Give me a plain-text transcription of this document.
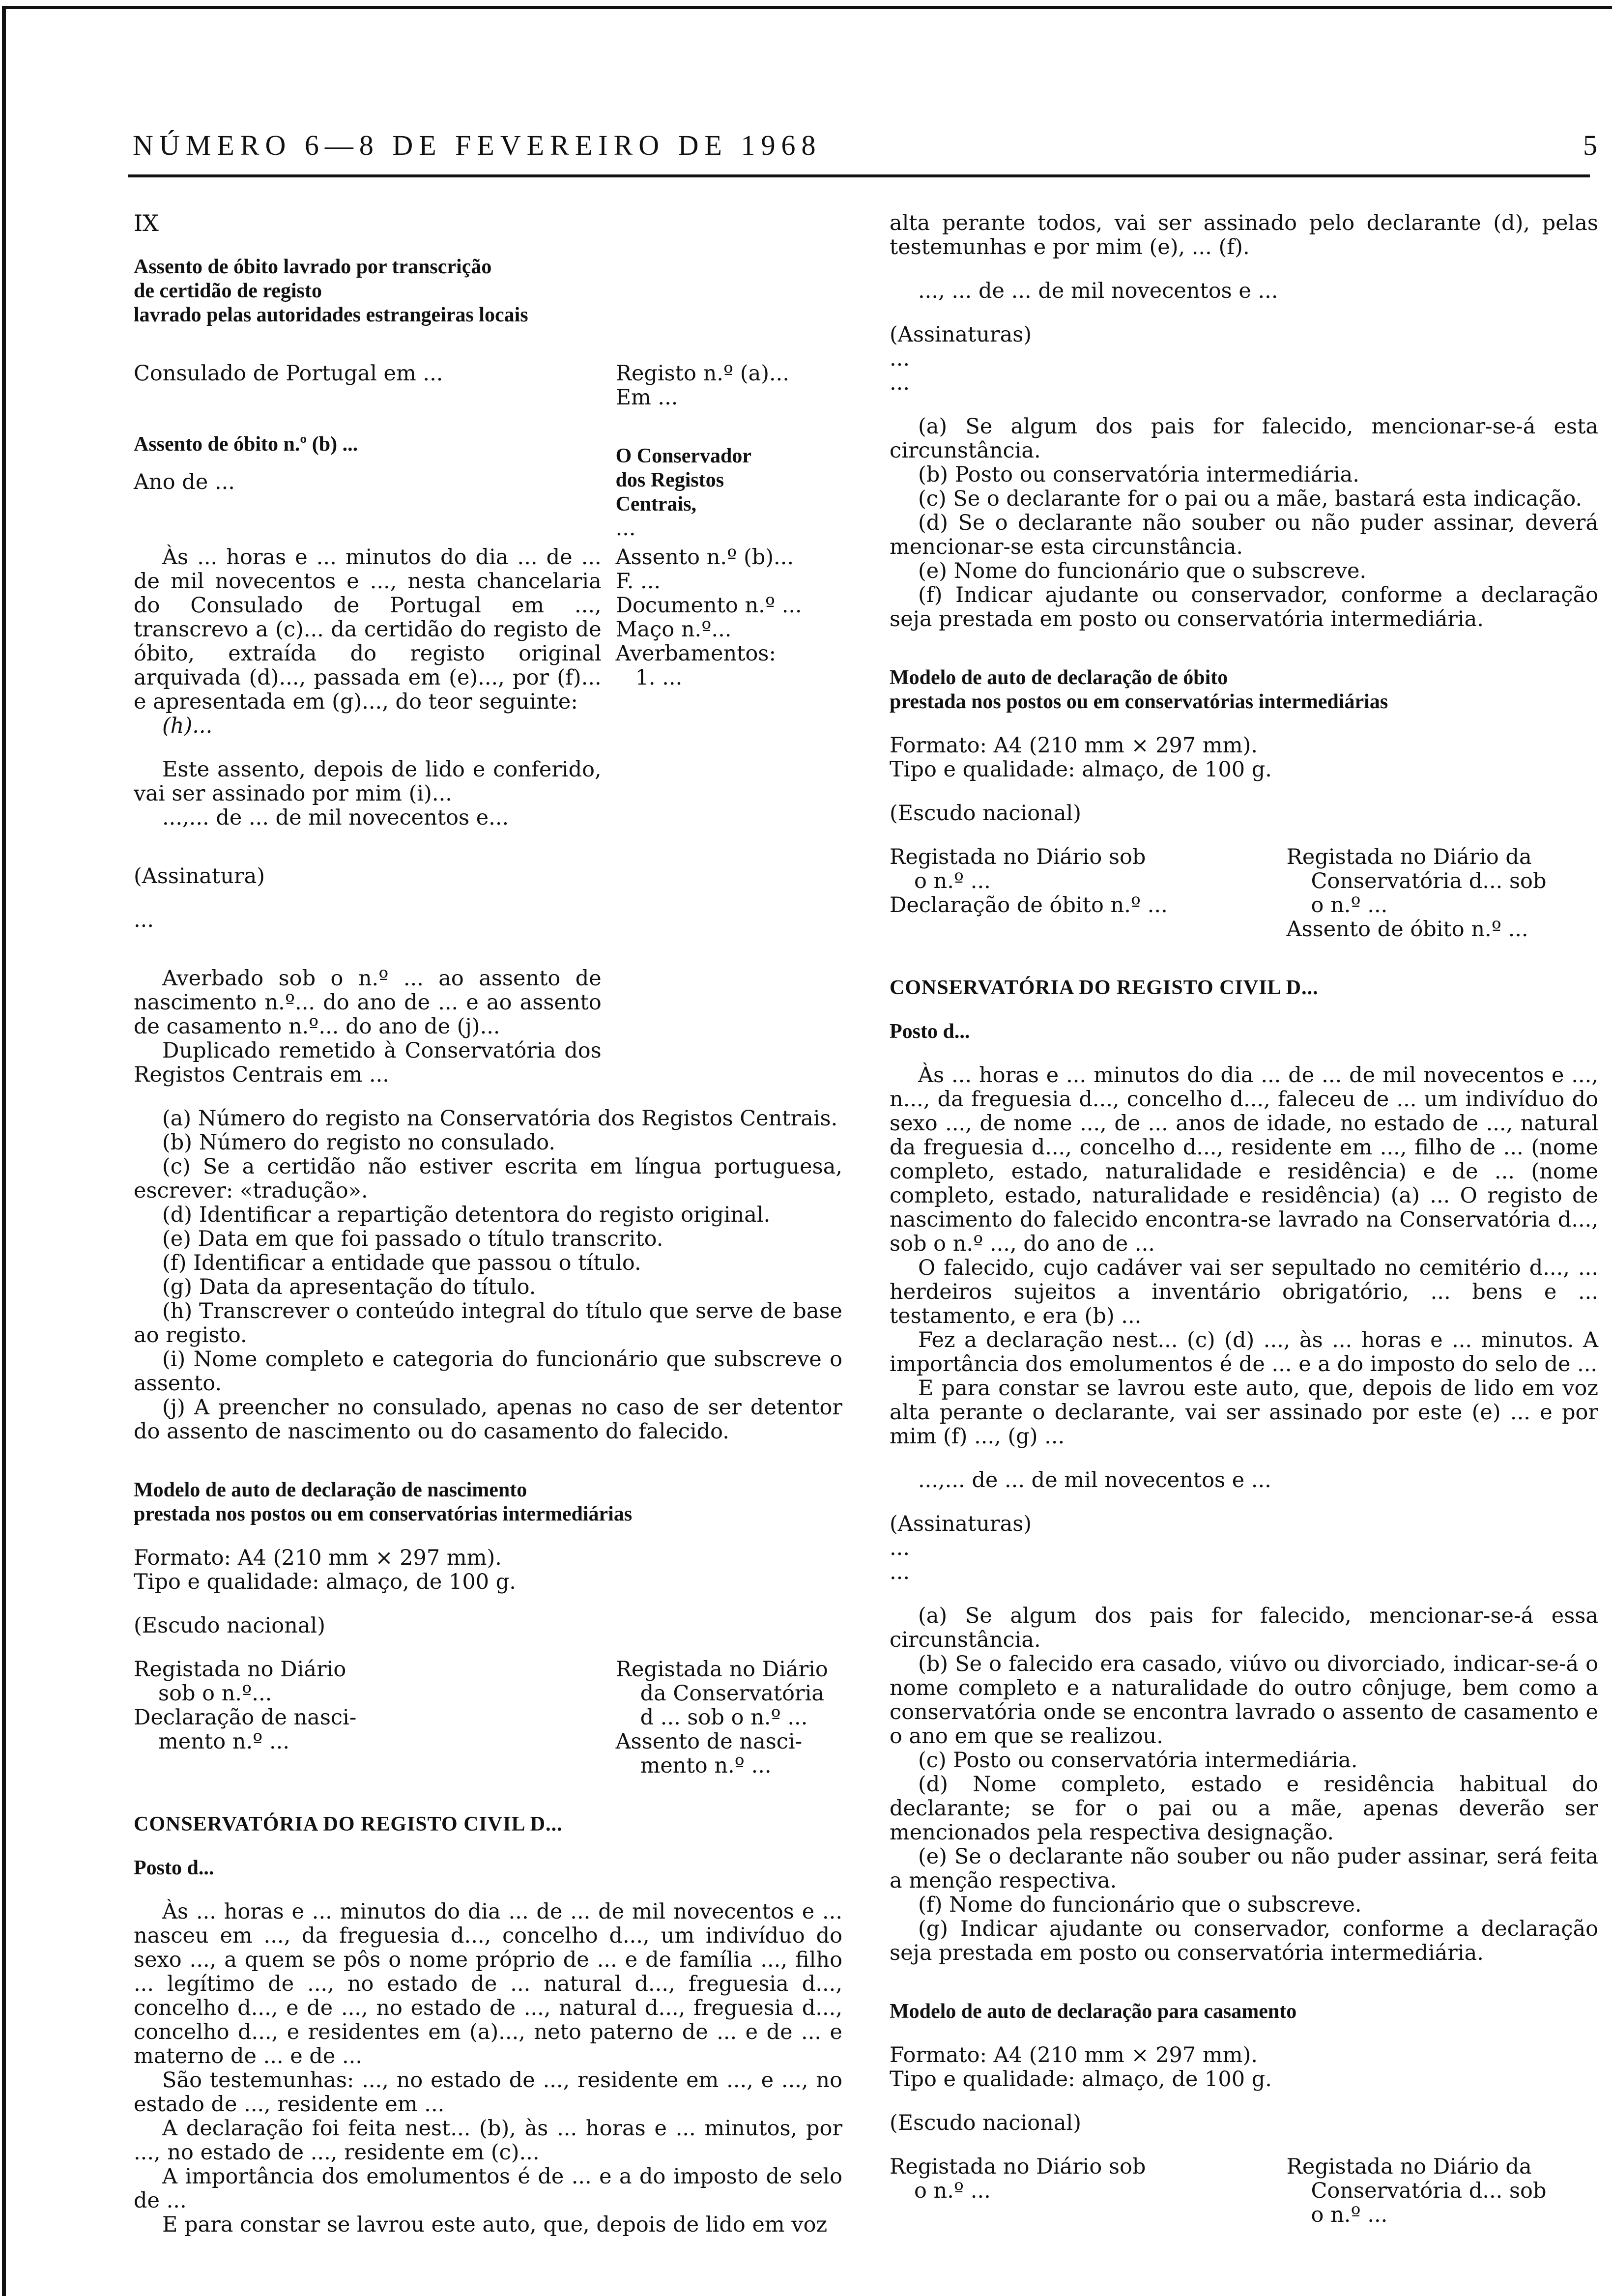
NÚMERO 6—8 DE FEVEREIRO DE 1968	5

IX

Assento de óbito lavrado por transcrição

de certidão de registo

lavrado pelas autoridades estrangeiras locais

Consulado de Portugal em ...

Assento de óbito n.º (b) ...

Ano de ...

Registo n.º (a)...

Em ...

O Conservador

dos Registos

Centrais,

...

Às ... horas e ... minutos do dia ... de ... de mil novecentos e ..., nesta chancelaria do Consulado de Portugal em ..., transcrevo a (c)... da certidão do registo de óbito, extraída do registo original arquivada (d)..., passada em (e)..., por (f)... e apresentada em (g)..., do teor seguinte:

(h)...

Assento n.º (b)...

F. ...

Documento n.º ...

Maço n.º...

Averbamentos:

1. ...

Este assento, depois de lido e conferido, vai ser assinado por mim (i)...

...,... de ... de mil novecentos e...

(Assinatura)

...

Averbado sob o n.º ... ao assento de nascimento n.º... do ano de ... e ao assento de casamento n.º... do ano de (j)...

Duplicado remetido à Conservatória dos Registos Centrais em ...

(a) Número do registo na Conservatória dos Registos Centrais.

(b) Número do registo no consulado.

(c) Se a certidão não estiver escrita em língua portuguesa, escrever: «tradução».

(d) Identificar a repartição detentora do registo original.

(e) Data em que foi passado o título transcrito.

(f) Identificar a entidade que passou o título.

(g) Data da apresentação do título.

(h) Transcrever o conteúdo integral do título que serve de base ao registo.

(i) Nome completo e categoria do funcionário que subscreve o assento.

(j) A preencher no consulado, apenas no caso de ser detentor do assento de nascimento ou do casamento do falecido.

Modelo de auto de declaração de nascimento

prestada nos postos ou em conservatórias intermediárias

Formato: A4 (210 mm × 297 mm).

Tipo e qualidade: almaço, de 100 g.

(Escudo nacional)

Registada no Diário

sob o n.º...

Declaração de nasci-

mento n.º ...

Registada no Diário

da Conservatória

d ... sob o n.º ...

Assento de nasci-

mento n.º ...

CONSERVATÓRIA DO REGISTO CIVIL D...

Posto d...

Às ... horas e ... minutos do dia ... de ... de mil novecentos e ... nasceu em ..., da freguesia d..., concelho d..., um indivíduo do sexo ..., a quem se pôs o nome próprio de ... e de família ..., filho ... legítimo de ..., no estado de ... natural d..., freguesia d..., concelho d..., e de ..., no estado de ..., natural d..., freguesia d..., concelho d..., e residentes em (a)..., neto paterno de ... e de ... e materno de ... e de ...

São testemunhas: ..., no estado de ..., residente em ..., e ..., no estado de ..., residente em ...

A declaração foi feita nest... (b), às ... horas e ... minutos, por ..., no estado de ..., residente em (c)...

A importância dos emolumentos é de ... e a do imposto de selo de ...

E para constar se lavrou este auto, que, depois de lido em voz

alta perante todos, vai ser assinado pelo declarante (d), pelas testemunhas e por mim (e), ... (f).

..., ... de ... de mil novecentos e ...

(Assinaturas)

...

...

(a) Se algum dos pais for falecido, mencionar-se-á esta circunstância.

(b) Posto ou conservatória intermediária.

(c) Se o declarante for o pai ou a mãe, bastará esta indicação.

(d) Se o declarante não souber ou não puder assinar, deverá mencionar-se esta circunstância.

(e) Nome do funcionário que o subscreve.

(f) Indicar ajudante ou conservador, conforme a declaração seja prestada em posto ou conservatória intermediária.

Modelo de auto de declaração de óbito

prestada nos postos ou em conservatórias intermediárias

Formato: A4 (210 mm × 297 mm).

Tipo e qualidade: almaço, de 100 g.

(Escudo nacional)

Registada no Diário sob

o n.º ...

Declaração de óbito n.º ...

Registada no Diário da

Conservatória d... sob

o n.º ...

Assento de óbito n.º ...

CONSERVATÓRIA DO REGISTO CIVIL D...

Posto d...

Às ... horas e ... minutos do dia ... de ... de mil novecentos e ..., n..., da freguesia d..., concelho d..., faleceu de ... um indivíduo do sexo ..., de nome ..., de ... anos de idade, no estado de ..., natural da freguesia d..., concelho d..., residente em ..., filho de ... (nome completo, estado, naturalidade e residência) e de ... (nome completo, estado, naturalidade e residência) (a) ... O registo de nascimento do falecido encontra-se lavrado na Conservatória d..., sob o n.º ..., do ano de ...

O falecido, cujo cadáver vai ser sepultado no cemitério d..., ... herdeiros sujeitos a inventário obrigatório, ... bens e ... testamento, e era (b) ...

Fez a declaração nest... (c) (d) ..., às ... horas e ... minutos. A importância dos emolumentos é de ... e a do imposto do selo de ...

E para constar se lavrou este auto, que, depois de lido em voz alta perante o declarante, vai ser assinado por este (e) ... e por mim (f) ..., (g) ...

...,... de ... de mil novecentos e ...

(Assinaturas)

...

...

(a) Se algum dos pais for falecido, mencionar-se-á essa circunstância.

(b) Se o falecido era casado, viúvo ou divorciado, indicar-se-á o nome completo e a naturalidade do outro cônjuge, bem como a conservatória onde se encontra lavrado o assento de casamento e o ano em que se realizou.

(c) Posto ou conservatória intermediária.

(d) Nome completo, estado e residência habitual do declarante; se for o pai ou a mãe, apenas deverão ser mencionados pela respectiva designação.

(e) Se o declarante não souber ou não puder assinar, será feita a menção respectiva.

(f) Nome do funcionário que o subscreve.

(g) Indicar ajudante ou conservador, conforme a declaração seja prestada em posto ou conservatória intermediária.

Modelo de auto de declaração para casamento

Formato: A4 (210 mm × 297 mm).

Tipo e qualidade: almaço, de 100 g.

(Escudo nacional)

Registada no Diário sob

o n.º ...

Registada no Diário da

Conservatória d... sob

o n.º ...
